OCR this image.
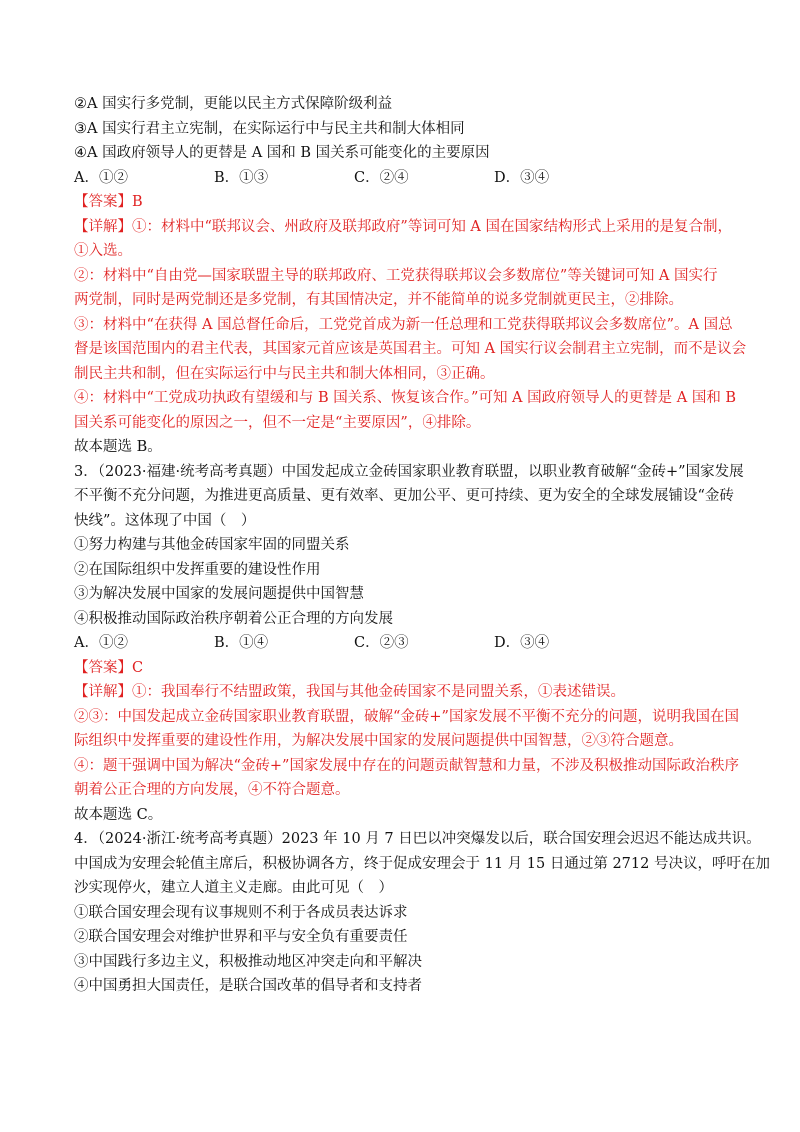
②A 国实行多党制，更能以民主方式保障阶级利益
③A 国实行君主立宪制，在实际运行中与民主共和制大体相同
④A 国政府领导人的更替是 A 国和 B 国关系可能变化的主要原因
A．①②	B．①③	C．②④	D．③④
【答案】B
【详解】①：材料中“联邦议会、州政府及联邦政府”等词可知 A 国在国家结构形式上采用的是复合制，
①入选。
②：材料中“自由党—国家联盟主导的联邦政府、工党获得联邦议会多数席位”等关键词可知 A 国实行
两党制，同时是两党制还是多党制，有其国情决定，并不能简单的说多党制就更民主，②排除。
③：材料中“在获得 A 国总督任命后，工党党首成为新一任总理和工党获得联邦议会多数席位”。A 国总
督是该国范围内的君主代表，其国家元首应该是英国君主。可知 A 国实行议会制君主立宪制，而不是议会
制民主共和制，但在实际运行中与民主共和制大体相同，③正确。
④：材料中“工党成功执政有望缓和与 B 国关系、恢复该合作。”可知 A 国政府领导人的更替是 A 国和 B
国关系可能变化的原因之一，但不一定是“主要原因”，④排除。
故本题选 B。
3．（2023·福建·统考高考真题）中国发起成立金砖国家职业教育联盟，以职业教育破解“金砖+”国家发展
不平衡不充分问题，为推进更高质量、更有效率、更加公平、更可持续、更为安全的全球发展铺设“金砖
快线”。这体现了中国（　）
①努力构建与其他金砖国家牢固的同盟关系
②在国际组织中发挥重要的建设性作用
③为解决发展中国家的发展问题提供中国智慧
④积极推动国际政治秩序朝着公正合理的方向发展
A．①②	B．①④	C．②③	D．③④
【答案】C
【详解】①：我国奉行不结盟政策，我国与其他金砖国家不是同盟关系，①表述错误。
②③：中国发起成立金砖国家职业教育联盟，破解“金砖+”国家发展不平衡不充分的问题，说明我国在国
际组织中发挥重要的建设性作用，为解决发展中国家的发展问题提供中国智慧，②③符合题意。
④：题干强调中国为解决“金砖+”国家发展中存在的问题贡献智慧和力量，不涉及积极推动国际政治秩序
朝着公正合理的方向发展，④不符合题意。
故本题选 C。
4．（2024·浙江·统考高考真题）2023 年 10 月 7 日巴以冲突爆发以后，联合国安理会迟迟不能达成共识。
中国成为安理会轮值主席后，积极协调各方，终于促成安理会于 11 月 15 日通过第 2712 号决议，呼吁在加
沙实现停火，建立人道主义走廊。由此可见（　）
①联合国安理会现有议事规则不利于各成员表达诉求
②联合国安理会对维护世界和平与安全负有重要责任
③中国践行多边主义，积极推动地区冲突走向和平解决
④中国勇担大国责任，是联合国改革的倡导者和支持者
